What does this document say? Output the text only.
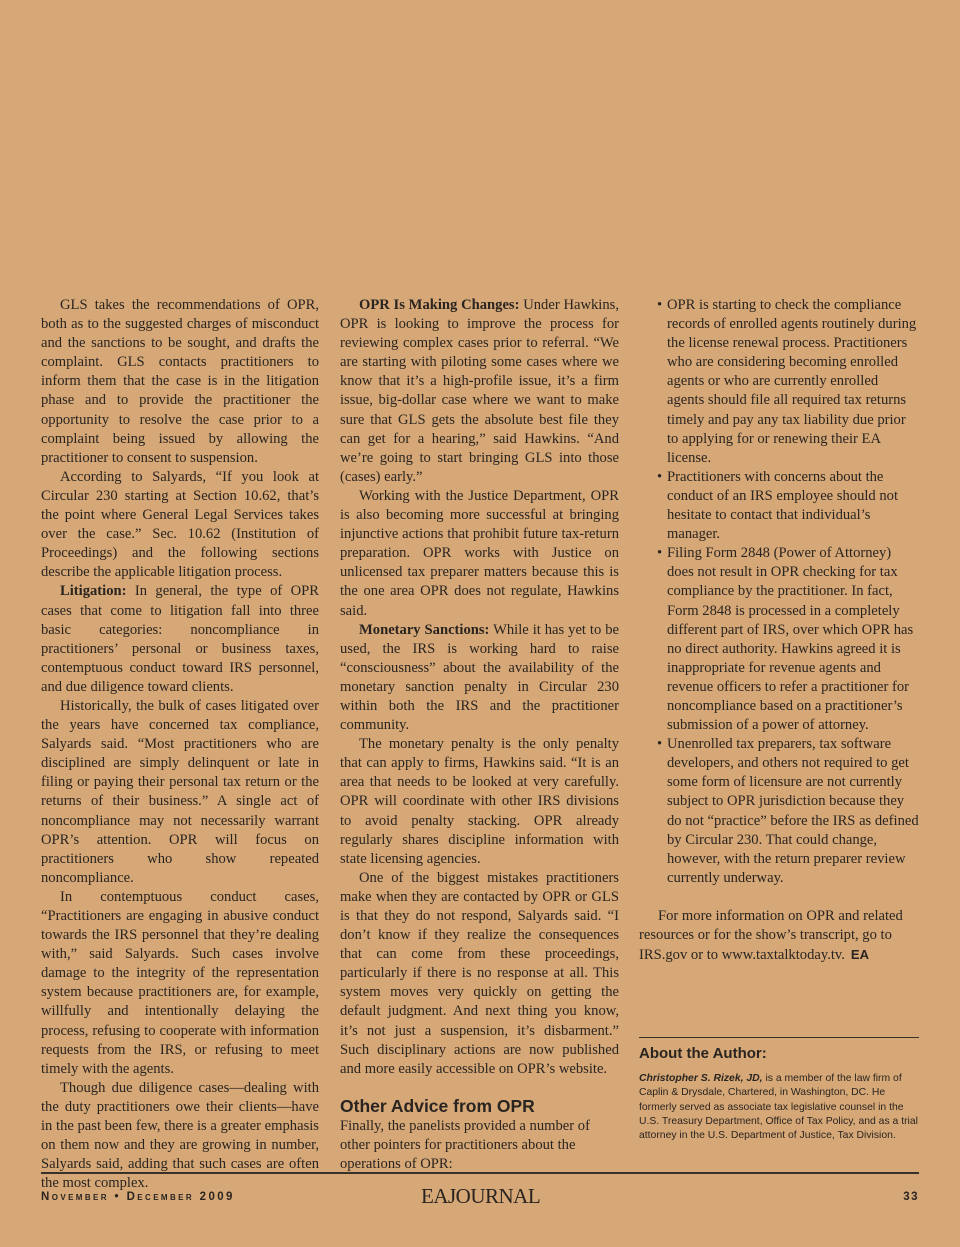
GLS takes the recommendations of OPR, both as to the suggested charges of misconduct and the sanctions to be sought, and drafts the complaint. GLS contacts practitioners to inform them that the case is in the litigation phase and to provide the practitioner the opportunity to resolve the case prior to a complaint being issued by allowing the practitioner to consent to suspension.

According to Salyards, “If you look at Circular 230 starting at Section 10.62, that’s the point where General Legal Services takes over the case.” Sec. 10.62 (Institution of Proceedings) and the following sections describe the applicable litigation process.

Litigation: In general, the type of OPR cases that come to litigation fall into three basic categories: noncompliance in practitioners’ personal or business taxes, contemptuous conduct toward IRS personnel, and due diligence toward clients.

Historically, the bulk of cases litigated over the years have concerned tax compliance, Salyards said. “Most practitioners who are disciplined are simply delinquent or late in filing or paying their personal tax return or the returns of their business.” A single act of noncompliance may not necessarily warrant OPR’s attention. OPR will focus on practitioners who show repeated noncompliance.

In contemptuous conduct cases, “Practitioners are engaging in abusive conduct towards the IRS personnel that they’re dealing with,” said Salyards. Such cases involve damage to the integrity of the representation system because practitioners are, for example, willfully and intentionally delaying the process, refusing to cooperate with information requests from the IRS, or refusing to meet timely with the agents.

Though due diligence cases—dealing with the duty practitioners owe their clients—have in the past been few, there is a greater emphasis on them now and they are growing in number, Salyards said, adding that such cases are often the most complex.

OPR Is Making Changes: Under Hawkins, OPR is looking to improve the process for reviewing complex cases prior to referral. “We are starting with piloting some cases where we know that it’s a high-profile issue, it’s a firm issue, big-dollar case where we want to make sure that GLS gets the absolute best file they can get for a hearing,” said Hawkins. “And we’re going to start bringing GLS into those (cases) early.”

Working with the Justice Department, OPR is also becoming more successful at bringing injunctive actions that prohibit future tax-return preparation. OPR works with Justice on unlicensed tax preparer matters because this is the one area OPR does not regulate, Hawkins said.

Monetary Sanctions: While it has yet to be used, the IRS is working hard to raise “consciousness” about the availability of the monetary sanction penalty in Circular 230 within both the IRS and the practitioner community.

The monetary penalty is the only penalty that can apply to firms, Hawkins said. “It is an area that needs to be looked at very carefully. OPR will coordinate with other IRS divisions to avoid penalty stacking. OPR already regularly shares discipline information with state licensing agencies.

One of the biggest mistakes practitioners make when they are contacted by OPR or GLS is that they do not respond, Salyards said. “I don’t know if they realize the consequences that can come from these proceedings, particularly if there is no response at all. This system moves very quickly on getting the default judgment. And next thing you know, it’s not just a suspension, it’s disbarment.” Such disciplinary actions are now published and more easily accessible on OPR’s website.

Other Advice from OPR

Finally, the panelists provided a number of other pointers for practitioners about the operations of OPR:

• OPR is starting to check the compliance records of enrolled agents routinely during the license renewal process. Practitioners who are considering becoming enrolled agents or who are currently enrolled agents should file all required tax returns timely and pay any tax liability due prior to applying for or renewing their EA license.
• Practitioners with concerns about the conduct of an IRS employee should not hesitate to contact that individual’s manager.
• Filing Form 2848 (Power of Attorney) does not result in OPR checking for tax compliance by the practitioner. In fact, Form 2848 is processed in a completely different part of IRS, over which OPR has no direct authority. Hawkins agreed it is inappropriate for revenue agents and revenue officers to refer a practitioner for noncompliance based on a practitioner’s submission of a power of attorney.
• Unenrolled tax preparers, tax software developers, and others not required to get some form of licensure are not currently subject to OPR jurisdiction because they do not “practice” before the IRS as defined by Circular 230. That could change, however, with the return preparer review currently underway.

For more information on OPR and related resources or for the show’s transcript, go to IRS.gov or to www.taxtalktoday.tv. EA

About the Author:
Christopher S. Rizek, JD, is a member of the law firm of Caplin & Drysdale, Chartered, in Washington, DC. He formerly served as associate tax legislative counsel in the U.S. Treasury Department, Office of Tax Policy, and as a trial attorney in the U.S. Department of Justice, Tax Division.
November • December 2009	EAJOURNAL	33
